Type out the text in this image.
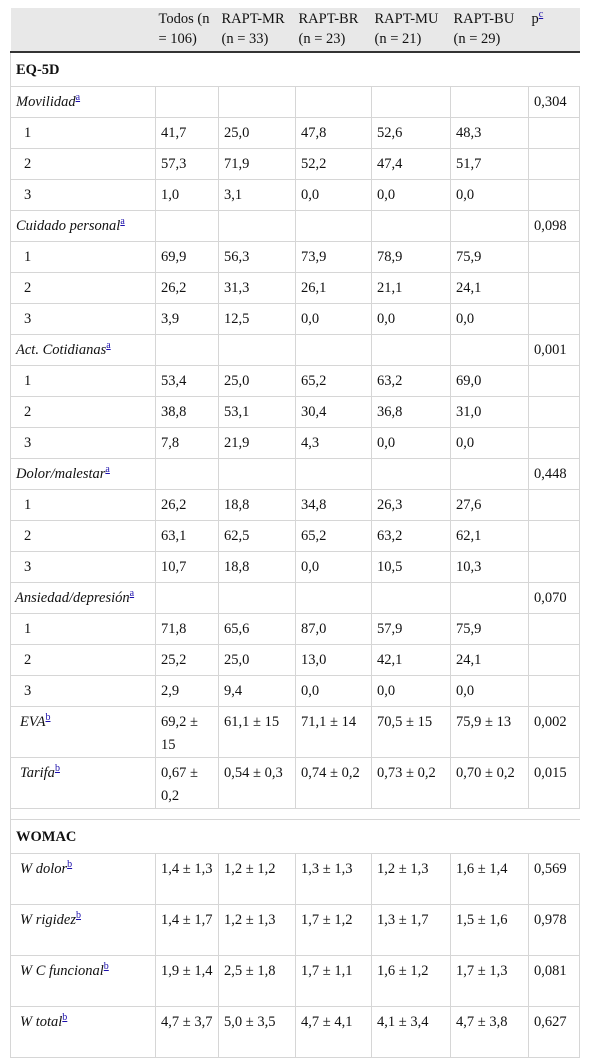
	Todos (n = 106)	RAPT-MR (n = 33)	RAPT-BR (n = 23)	RAPT-MU (n = 21)	RAPT-BU (n = 29)	p$^c$
EQ-5D						
Movilidad$^a$						0,304
1	41,7	25,0	47,8	52,6	48,3	
2	57,3	71,9	52,2	47,4	51,7	
3	1,0	3,1	0,0	0,0	0,0	
Cuidado personal$^a$						0,098
1	69,9	56,3	73,9	78,9	75,9	
2	26,2	31,3	26,1	21,1	24,1	
3	3,9	12,5	0,0	0,0	0,0	
Act. Cotidianas$^a$						0,001
1	53,4	25,0	65,2	63,2	69,0	
2	38,8	53,1	30,4	36,8	31,0	
3	7,8	21,9	4,3	0,0	0,0	
Dolor/malestar$^a$						0,448
1	26,2	18,8	34,8	26,3	27,6	
2	63,1	62,5	65,2	63,2	62,1	
3	10,7	18,8	0,0	10,5	10,3	
Ansiedad/depresión$^a$						0,070
1	71,8	65,6	87,0	57,9	75,9	
2	25,2	25,0	13,0	42,1	24,1	
3	2,9	9,4	0,0	0,0	0,0	
EVA$^b$	69,2 ± 15	61,1 ± 15	71,1 ± 14	70,5 ± 15	75,9 ± 13	0,002
Tarifa$^b$	0,67 ± 0,2	0,54 ± 0,3	0,74 ± 0,2	0,73 ± 0,2	0,70 ± 0,2	0,015

WOMAC						
W dolor$^b$	1,4 ± 1,3	1,2 ± 1,2	1,3 ± 1,3	1,2 ± 1,3	1,6 ± 1,4	0,569
W rigidez$^b$	1,4 ± 1,7	1,2 ± 1,3	1,7 ± 1,2	1,3 ± 1,7	1,5 ± 1,6	0,978
W C funcional$^b$	1,9 ± 1,4	2,5 ± 1,8	1,7 ± 1,1	1,6 ± 1,2	1,7 ± 1,3	0,081
W total$^b$	4,7 ± 3,7	5,0 ± 3,5	4,7 ± 4,1	4,1 ± 3,4	4,7 ± 3,8	0,627
